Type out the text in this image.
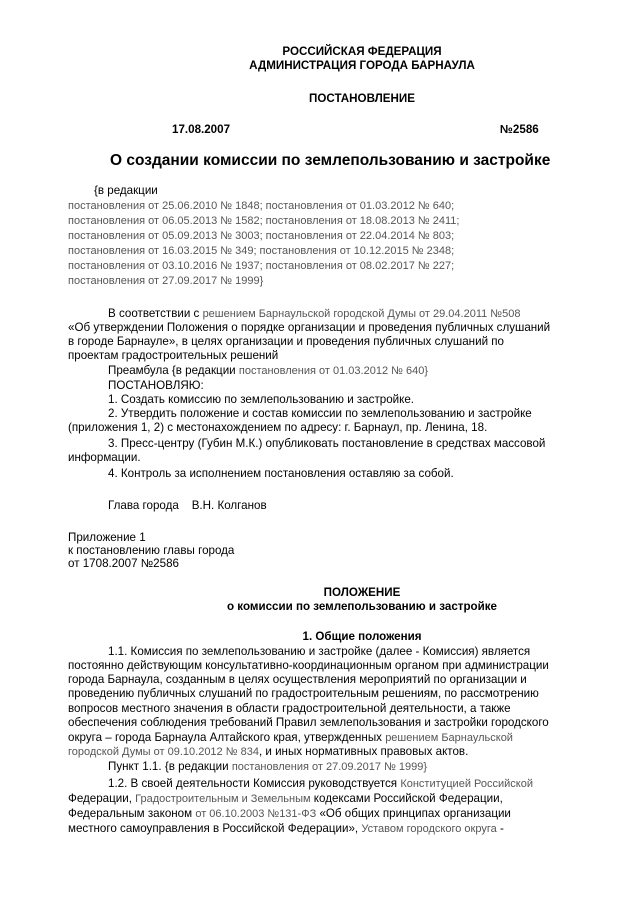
РОССИЙСКАЯ ФЕДЕРАЦИЯ
АДМИНИСТРАЦИЯ ГОРОДА БАРНАУЛА
ПОСТАНОВЛЕНИЕ
17.08.2007	№2586
О создании комиссии по землепользованию и застройке
{в редакции
постановления от 25.06.2010 № 1848; постановления от 01.03.2012 № 640;
постановления от 06.05.2013 № 1582; постановления от 18.08.2013 № 2411;
постановления от 05.09.2013 № 3003; постановления от 22.04.2014 № 803;
постановления от 16.03.2015 № 349; постановления от 10.12.2015 № 2348;
постановления от 03.10.2016 № 1937; постановления от 08.02.2017 № 227;
постановления от 27.09.2017 № 1999}
В соответствии с решением Барнаульской городской Думы от 29.04.2011 №508
«Об утверждении Положения о порядке организации и проведения публичных слушаний
в городе Барнауле», в целях организации и проведения публичных слушаний по
проектам градостроительных решений
Преамбула {в редакции постановления от 01.03.2012 № 640}
ПОСТАНОВЛЯЮ:
1. Создать комиссию по землепользованию и застройке.
2. Утвердить положение и состав комиссии по землепользованию и застройке
(приложения 1, 2) с местонахождением по адресу: г. Барнаул, пр. Ленина, 18.
3. Пресс-центру (Губин М.К.) опубликовать постановление в средствах массовой
информации.
4. Контроль за исполнением постановления оставляю за собой.
Глава города    В.Н. Колганов
Приложение 1
к постановлению главы города
от 1708.2007 №2586
ПОЛОЖЕНИЕ
о комиссии по землепользованию и застройке
1. Общие положения
1.1. Комиссия по землепользованию и застройке (далее - Комиссия) является
постоянно действующим консультативно-координационным органом при администрации
города Барнаула, созданным в целях осуществления мероприятий по организации и
проведению публичных слушаний по градостроительным решениям, по рассмотрению
вопросов местного значения в области градостроительной деятельности, а также
обеспечения соблюдения требований Правил землепользования и застройки городского
округа – города Барнаула Алтайского края, утвержденных решением Барнаульской
городской Думы от 09.10.2012 № 834, и иных нормативных правовых актов.
Пункт 1.1. {в редакции постановления от 27.09.2017 № 1999}
1.2. В своей деятельности Комиссия руководствуется Конституцией Российской
Федерации, Градостроительным и Земельным кодексами Российской Федерации,
Федеральным законом от 06.10.2003 №131-ФЗ «Об общих принципах организации
местного самоуправления в Российской Федерации», Уставом городского округа -
